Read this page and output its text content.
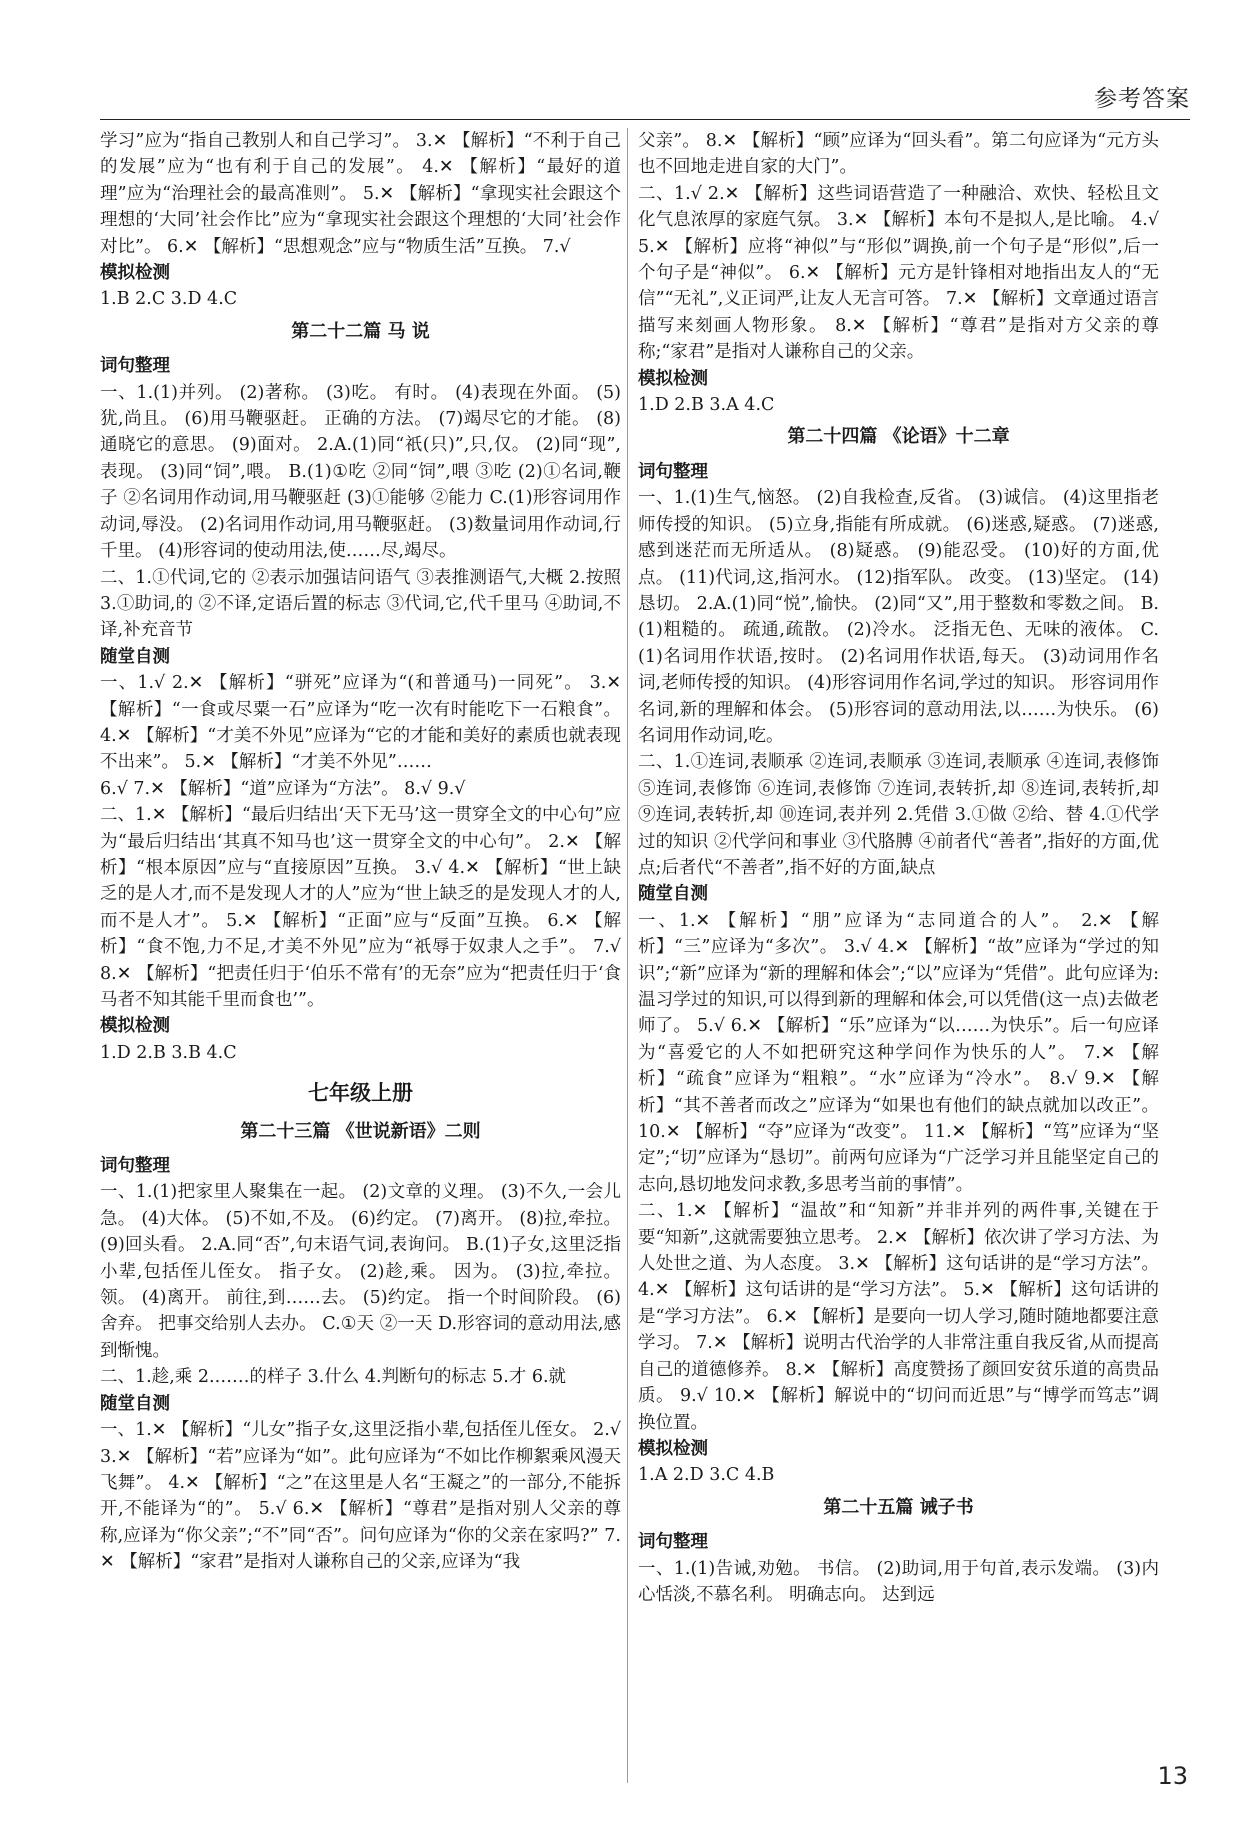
参考答案
学习”应为“指自己教别人和自己学习”。 3.✕ 【解析】“不利于自己的发展”应为“也有利于自己的发展”。 4.✕ 【解析】“最好的道理”应为“治理社会的最高准则”。 5.✕ 【解析】“拿现实社会跟这个理想的‘大同’社会作比”应为“拿现实社会跟这个理想的‘大同’社会作对比”。 6.✕ 【解析】“思想观念”应与“物质生活”互换。 7.√
模拟检测
1.B 2.C 3.D 4.C
第二十二篇 马 说
词句整理
一、1.(1)并列。 (2)著称。 (3)吃。 有时。 (4)表现在外面。 (5)犹,尚且。 (6)用马鞭驱赶。 正确的方法。 (7)竭尽它的才能。 (8)通晓它的意思。 (9)面对。 2.A.(1)同“祇(只)”,只,仅。 (2)同“现”,表现。 (3)同“饲”,喂。 B.(1)①吃 ②同“饲”,喂 ③吃 (2)①名词,鞭子 ②名词用作动词,用马鞭驱赶 (3)①能够 ②能力 C.(1)形容词用作动词,辱没。 (2)名词用作动词,用马鞭驱赶。 (3)数量词用作动词,行千里。 (4)形容词的使动用法,使……尽,竭尽。
二、1.①代词,它的 ②表示加强诘问语气 ③表推测语气,大概 2.按照 3.①助词,的 ②不译,定语后置的标志 ③代词,它,代千里马 ④助词,不译,补充音节
随堂自测
一、1.√ 2.✕ 【解析】“骈死”应译为“(和普通马)一同死”。 3.✕ 【解析】“一食或尽粟一石”应译为“吃一次有时能吃下一石粮食”。 4.✕ 【解析】“才美不外见”应译为“它的才能和美好的素质也就表现不出来”。 5.✕ 【解析】“才美不外见”……
6.√ 7.✕ 【解析】“道”应译为“方法”。 8.√ 9.√
二、1.✕ 【解析】“最后归结出‘天下无马’这一贯穿全文的中心句”应为“最后归结出‘其真不知马也’这一贯穿全文的中心句”。 2.✕ 【解析】“根本原因”应与“直接原因”互换。 3.√ 4.✕ 【解析】“世上缺乏的是人才,而不是发现人才的人”应为“世上缺乏的是发现人才的人,而不是人才”。 5.✕ 【解析】“正面”应与“反面”互换。 6.✕ 【解析】“食不饱,力不足,才美不外见”应为“祇辱于奴隶人之手”。 7.√ 8.✕ 【解析】“把责任归于‘伯乐不常有’的无奈”应为“把责任归于‘食马者不知其能千里而食也’”。
模拟检测
1.D 2.B 3.B 4.C
七年级上册
第二十三篇 《世说新语》二则
词句整理
一、1.(1)把家里人聚集在一起。 (2)文章的义理。 (3)不久,一会儿 急。 (4)大体。 (5)不如,不及。 (6)约定。 (7)离开。 (8)拉,牵拉。 (9)回头看。 2.A.同“否”,句末语气词,表询问。 B.(1)子女,这里泛指小辈,包括侄儿侄女。 指子女。 (2)趁,乘。 因为。 (3)拉,牵拉。 领。 (4)离开。 前往,到……去。 (5)约定。 指一个时间阶段。 (6)舍弃。 把事交给别人去办。 C.①天 ②一天 D.形容词的意动用法,感到惭愧。
二、1.趁,乘 2.……的样子 3.什么 4.判断句的标志 5.才 6.就
随堂自测
一、1.✕ 【解析】“儿女”指子女,这里泛指小辈,包括侄儿侄女。 2.√ 3.✕ 【解析】“若”应译为“如”。此句应译为“不如比作柳絮乘风漫天飞舞”。 4.✕ 【解析】“之”在这里是人名“王凝之”的一部分,不能拆开,不能译为“的”。 5.√ 6.✕ 【解析】“尊君”是指对别人父亲的尊称,应译为“你父亲”;“不”同“否”。问句应译为“你的父亲在家吗?” 7.✕ 【解析】“家君”是指对人谦称自己的父亲,应译为“我
父亲”。 8.✕ 【解析】“顾”应译为“回头看”。第二句应译为“元方头也不回地走进自家的大门”。
二、1.√ 2.✕ 【解析】这些词语营造了一种融洽、欢快、轻松且文化气息浓厚的家庭气氛。 3.✕ 【解析】本句不是拟人,是比喻。 4.√ 5.✕ 【解析】应将“神似”与“形似”调换,前一个句子是“形似”,后一个句子是“神似”。 6.✕ 【解析】元方是针锋相对地指出友人的“无信”“无礼”,义正词严,让友人无言可答。 7.✕ 【解析】文章通过语言描写来刻画人物形象。 8.✕ 【解析】“尊君”是指对方父亲的尊称;“家君”是指对人谦称自己的父亲。
模拟检测
1.D 2.B 3.A 4.C
第二十四篇 《论语》十二章
词句整理
一、1.(1)生气,恼怒。 (2)自我检查,反省。 (3)诚信。 (4)这里指老师传授的知识。 (5)立身,指能有所成就。 (6)迷惑,疑惑。 (7)迷惑,感到迷茫而无所适从。 (8)疑惑。 (9)能忍受。 (10)好的方面,优点。 (11)代词,这,指河水。 (12)指军队。 改变。 (13)坚定。 (14)恳切。 2.A.(1)同“悦”,愉快。 (2)同“又”,用于整数和零数之间。 B.(1)粗糙的。 疏通,疏散。 (2)冷水。 泛指无色、无味的液体。 C.(1)名词用作状语,按时。 (2)名词用作状语,每天。 (3)动词用作名词,老师传授的知识。 (4)形容词用作名词,学过的知识。 形容词用作名词,新的理解和体会。 (5)形容词的意动用法,以……为快乐。 (6)名词用作动词,吃。
二、1.①连词,表顺承 ②连词,表顺承 ③连词,表顺承 ④连词,表修饰 ⑤连词,表修饰 ⑥连词,表修饰 ⑦连词,表转折,却 ⑧连词,表转折,却 ⑨连词,表转折,却 ⑩连词,表并列 2.凭借 3.①做 ②给、替 4.①代学过的知识 ②代学问和事业 ③代胳膊 ④前者代“善者”,指好的方面,优点;后者代“不善者”,指不好的方面,缺点
随堂自测
一、1.✕ 【解析】“朋”应译为“志同道合的人”。 2.✕ 【解析】“三”应译为“多次”。 3.√ 4.✕ 【解析】“故”应译为“学过的知识”;“新”应译为“新的理解和体会”;“以”应译为“凭借”。此句应译为:温习学过的知识,可以得到新的理解和体会,可以凭借(这一点)去做老师了。 5.√ 6.✕ 【解析】“乐”应译为“以……为快乐”。后一句应译为“喜爱它的人不如把研究这种学问作为快乐的人”。 7.✕ 【解析】“疏食”应译为“粗粮”。“水”应译为“冷水”。 8.√ 9.✕ 【解析】“其不善者而改之”应译为“如果也有他们的缺点就加以改正”。 10.✕ 【解析】“夺”应译为“改变”。 11.✕ 【解析】“笃”应译为“坚定”;“切”应译为“恳切”。前两句应译为“广泛学习并且能坚定自己的志向,恳切地发问求教,多思考当前的事情”。
二、1.✕ 【解析】“温故”和“知新”并非并列的两件事,关键在于要“知新”,这就需要独立思考。 2.✕ 【解析】依次讲了学习方法、为人处世之道、为人态度。 3.✕ 【解析】这句话讲的是“学习方法”。 4.✕ 【解析】这句话讲的是“学习方法”。 5.✕ 【解析】这句话讲的是“学习方法”。 6.✕ 【解析】是要向一切人学习,随时随地都要注意学习。 7.✕ 【解析】说明古代治学的人非常注重自我反省,从而提高自己的道德修养。 8.✕ 【解析】高度赞扬了颜回安贫乐道的高贵品质。 9.√ 10.✕ 【解析】解说中的“切问而近思”与“博学而笃志”调换位置。
模拟检测
1.A 2.D 3.C 4.B
第二十五篇 诫子书
词句整理
一、1.(1)告诫,劝勉。 书信。 (2)助词,用于句首,表示发端。 (3)内心恬淡,不慕名利。 明确志向。 达到远
13
